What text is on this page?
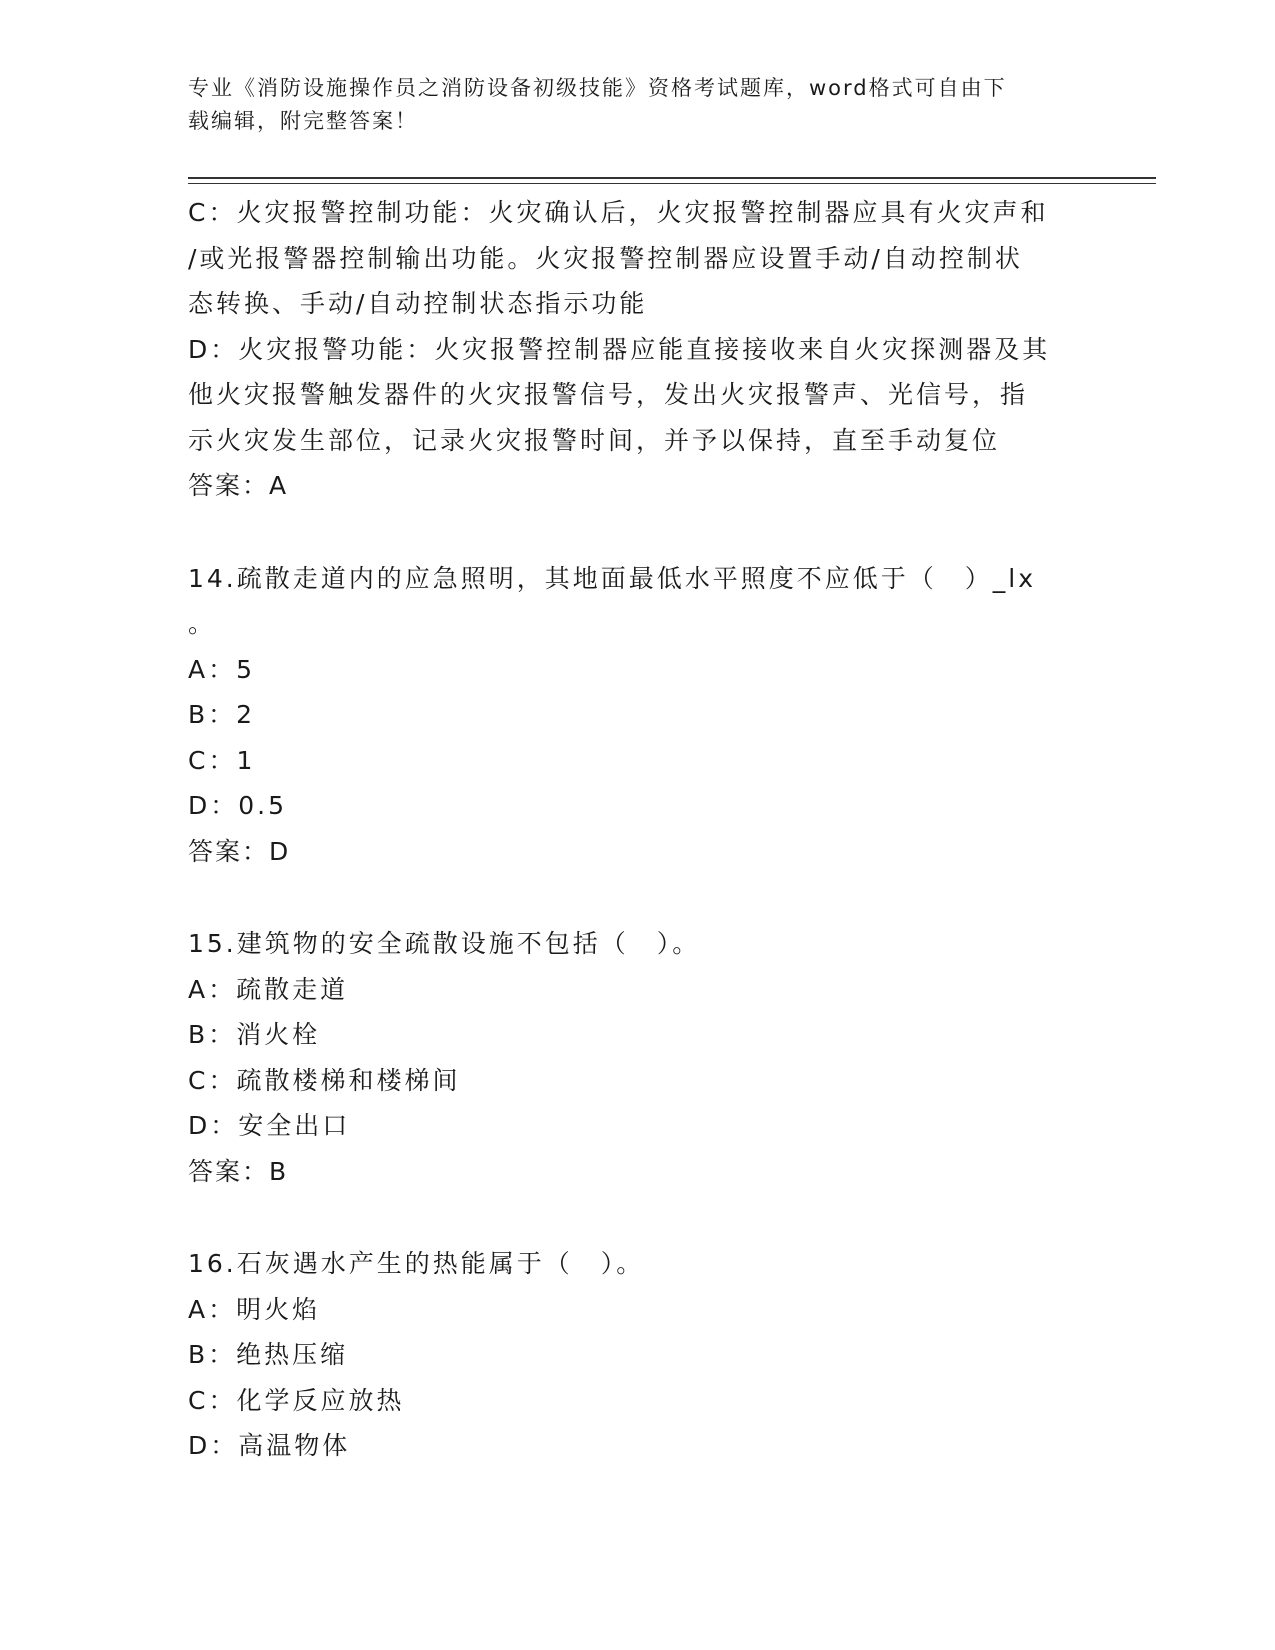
专业《消防设施操作员之消防设备初级技能》资格考试题库，word格式可自由下
载编辑，附完整答案！
C：火灾报警控制功能：火灾确认后，火灾报警控制器应具有火灾声和
/或光报警器控制输出功能。火灾报警控制器应设置手动/自动控制状
态转换、手动/自动控制状态指示功能
D：火灾报警功能：火灾报警控制器应能直接接收来自火灾探测器及其
他火灾报警触发器件的火灾报警信号，发出火灾报警声、光信号，指
示火灾发生部位，记录火灾报警时间，并予以保持，直至手动复位
答案：A
14.疏散走道内的应急照明，其地面最低水平照度不应低于（　）_lx
。
A：5
B：2
C：1
D：0.5
答案：D
15.建筑物的安全疏散设施不包括（　）。
A：疏散走道
B：消火栓
C：疏散楼梯和楼梯间
D：安全出口
答案：B
16.石灰遇水产生的热能属于（　）。
A：明火焰
B：绝热压缩
C：化学反应放热
D：高温物体
